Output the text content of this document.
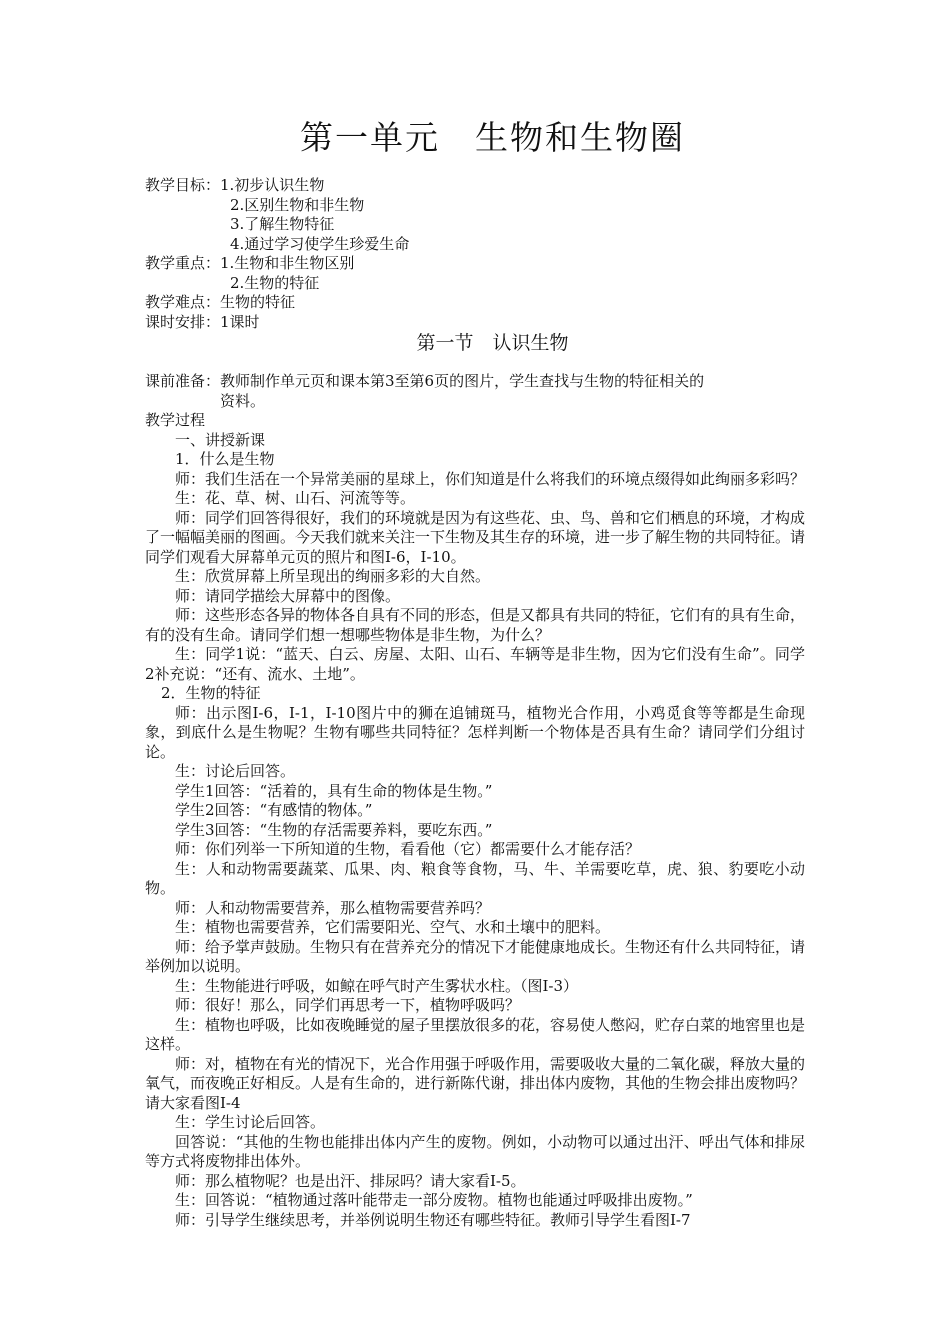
第一单元　生物和生物圈
教学目标：1.初步认识生物
2.区别生物和非生物
3.了解生物特征
4.通过学习使学生珍爱生命
教学重点：1.生物和非生物区别
2.生物的特征
教学难点：生物的特征
课时安排：1课时
课前准备：教师制作单元页和课本第3至第6页的图片，学生查找与生物的特征相关的
资料。
教学过程
一、讲授新课
1．什么是生物
师：我们生活在一个异常美丽的星球上，你们知道是什么将我们的环境点缀得如此绚丽多彩吗？
生：花、草、树、山石、河流等等。
师：同学们回答得很好，我们的环境就是因为有这些花、虫、鸟、兽和它们栖息的环境，才构成了一幅幅美丽的图画。今天我们就来关注一下生物及其生存的环境，进一步了解生物的共同特征。请同学们观看大屏幕单元页的照片和图I-6，I-10。
生：欣赏屏幕上所呈现出的绚丽多彩的大自然。
师：请同学描绘大屏幕中的图像。
师：这些形态各异的物体各自具有不同的形态，但是又都具有共同的特征，它们有的具有生命，有的没有生命。请同学们想一想哪些物体是非生物，为什么？
生：同学1说：“蓝天、白云、房屋、太阳、山石、车辆等是非生物，因为它们没有生命”。同学2补充说：“还有、流水、土地”。
2．生物的特征
师：出示图I-6，I-1，I-10图片中的狮在追铺斑马，植物光合作用，小鸡觅食等等都是生命现象，到底什么是生物呢？生物有哪些共同特征？怎样判断一个物体是否具有生命？请同学们分组讨论。
生：讨论后回答。
学生1回答：“活着的，具有生命的物体是生物。”
学生2回答：“有感情的物体。”
学生3回答：“生物的存活需要养料，要吃东西。”
师：你们列举一下所知道的生物，看看他（它）都需要什么才能存活？
生：人和动物需要蔬菜、瓜果、肉、粮食等食物，马、牛、羊需要吃草，虎、狼、豹要吃小动物。
师：人和动物需要营养，那么植物需要营养吗？
生：植物也需要营养，它们需要阳光、空气、水和土壤中的肥料。
师：给予掌声鼓励。生物只有在营养充分的情况下才能健康地成长。生物还有什么共同特征，请举例加以说明。
生：生物能进行呼吸，如鲸在呼气时产生雾状水柱。（图I-3）
师：很好！那么，同学们再思考一下，植物呼吸吗？
生：植物也呼吸，比如夜晚睡觉的屋子里摆放很多的花，容易使人憋闷，贮存白菜的地窖里也是这样。
师：对，植物在有光的情况下，光合作用强于呼吸作用，需要吸收大量的二氧化碳，释放大量的氧气，而夜晚正好相反。人是有生命的，进行新陈代谢，排出体内废物，其他的生物会排出废物吗？请大家看图I-4
生：学生讨论后回答。
回答说：“其他的生物也能排出体内产生的废物。例如，小动物可以通过出汗、呼出气体和排尿等方式将废物排出体外。
师：那么植物呢？也是出汗、排尿吗？请大家看I-5。
生：回答说：“植物通过落叶能带走一部分废物。植物也能通过呼吸排出废物。”
师：引导学生继续思考，并举例说明生物还有哪些特征。教师引导学生看图I-7
第一节　认识生物
